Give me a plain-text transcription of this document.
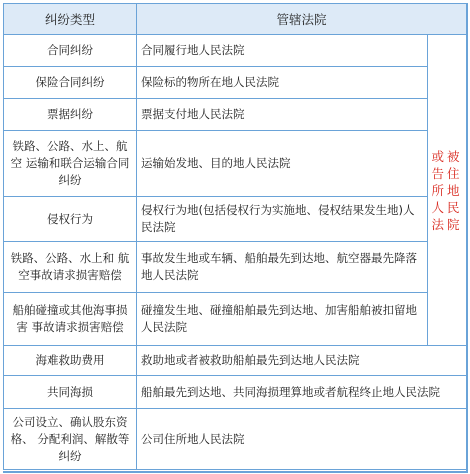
纠纷类型	管辖法院	
合同纠纷	合同履行地人民法院	或被告住所地人民法院
保险合同纠纷	保险标的物所在地人民法院	
票据纠纷	票据支付地人民法院	
铁路、公路、水上、航空 运输和联合运输合同纠纷	运输始发地、目的地人民法院	
侵权行为	侵权行为地(包括侵权行为实施地、侵权结果发生地)人民法院	
铁路、公路、水上和 航空事故请求损害赔偿	事故发生地或车辆、船舶最先到达地、航空器最先降落地人民法院	
船舶碰撞或其他海事损害 事故请求损害赔偿	碰撞发生地、碰撞船舶最先到达地、加害船舶被扣留地人民法院	
海难救助费用	救助地或者被救助船舶最先到达地人民法院	
共同海损	船舶最先到达地、共同海损理算地或者航程终止地人民法院	
公司设立、确认股东资格、 分配利润、解散等纠纷	公司住所地人民法院	
